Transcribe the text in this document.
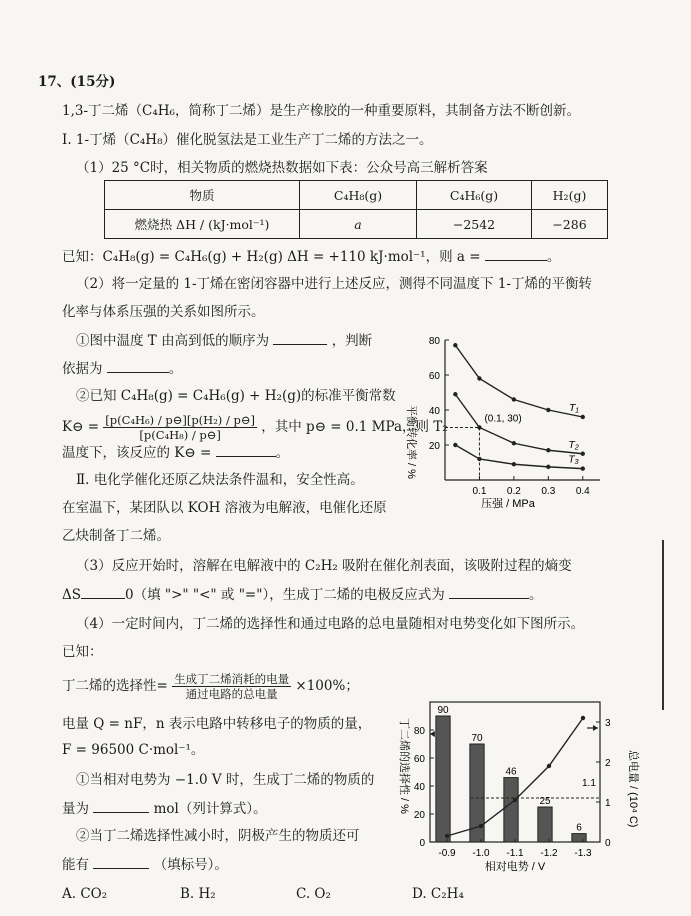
17、(15分)
1,3-丁二烯（C₄H₆，简称丁二烯）是生产橡胶的一种重要原料，其制备方法不断创新。
Ⅰ. 1-丁烯（C₄H₈）催化脱氢法是工业生产丁二烯的方法之一。
（1）25 °C时，相关物质的燃烧热数据如下表：公众号高三解析答案
物质	C₄H₈(g)	C₄H₆(g)	H₂(g)
燃烧热 ΔH / (kJ·mol⁻¹)	a	−2542	−286
已知：C₄H₈(g) = C₄H₆(g) + H₂(g) ΔH = +110 kJ·mol⁻¹，则 a =	。
（2）将一定量的 1-丁烯在密闭容器中进行上述反应，测得不同温度下 1-丁烯的平衡转
化率与体系压强的关系如图所示。
①图中温度 T 由高到低的顺序为	，判断
依据为	。
②已知 C₄H₈(g) = C₄H₆(g) + H₂(g)的标准平衡常数
K⊖ = $\frac{\text{[p(C₄H₆) / p⊖][p(H₂) / p⊖]}}{\text{[p(C₄H₈) / p⊖]}}$ ，其中 p⊖ = 0.1 MPa，则 T₂
温度下，该反应的 K⊖ =	。
Ⅱ. 电化学催化还原乙炔法条件温和，安全性高。
在室温下，某团队以 KOH 溶液为电解液，电催化还原
乙炔制备丁二烯。
平衡转化率 / % 20
40
60
80
0.1 0.2 0.3 0.4
T₁
T₂
T₃
(0.1, 30)
压强 / MPa
（3）反应开始时，溶解在电解液中的 C₂H₂ 吸附在催化剂表面，该吸附过程的熵变
ΔS	0（填 ">" "<" 或 "="），生成丁二烯的电极反应式为	。
（4）一定时间内，丁二烯的选择性和通过电路的总电量随相对电势变化如下图所示。
已知：
丁二烯的选择性= $\frac{\text{生成丁二烯消耗的电量}}{\text{通过电路的总电量}} \times 100\%$；
电量 Q = nF，n 表示电路中转移电子的物质的量，
F = 96500 C·mol⁻¹。
①当相对电势为 −1.0 V 时，生成丁二烯的物质的
量为	mol（列计算式）。
②当丁二烯选择性减小时，阴极产生的物质还可
能有	（填标号）。
A. CO₂	B. H₂	C. O₂	D. C₂H₄
丁二烯的选择性 / %	总电量 / (10⁴ C)
0
20
40
60
80
0
1
2
3
90
70
46
25
6
1.1
-0.9 -1.0 -1.1 -1.2 -1.3
相对电势 / V
